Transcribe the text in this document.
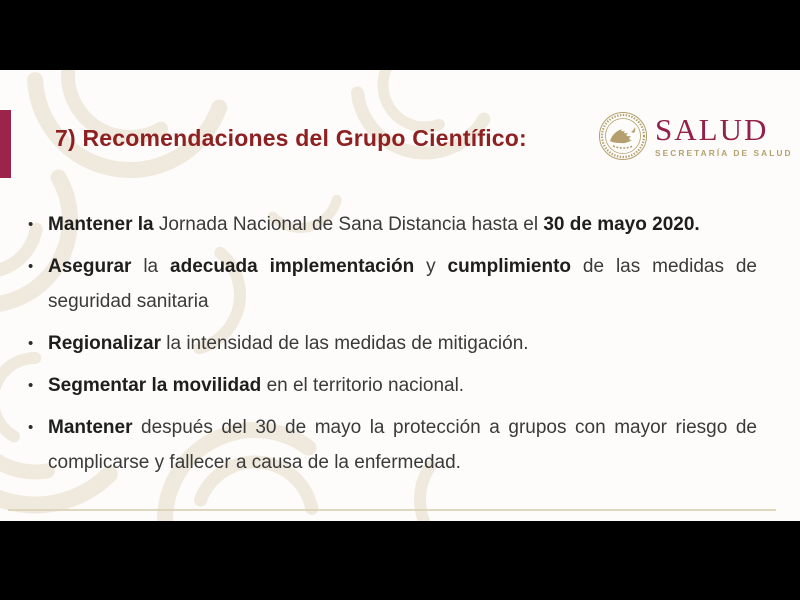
7) Recomendaciones del Grupo Científico:	SALUD
SECRETARÍA DE SALUD
• Mantener la Jornada Nacional de Sana Distancia hasta el 30 de mayo 2020.
• Asegurar la adecuada implementación y cumplimiento de las medidas de seguridad sanitaria
• Regionalizar la intensidad de las medidas de mitigación.
• Segmentar la movilidad en el territorio nacional.
• Mantener después del 30 de mayo la protección a grupos con mayor riesgo de complicarse y fallecer a causa de la enfermedad.
